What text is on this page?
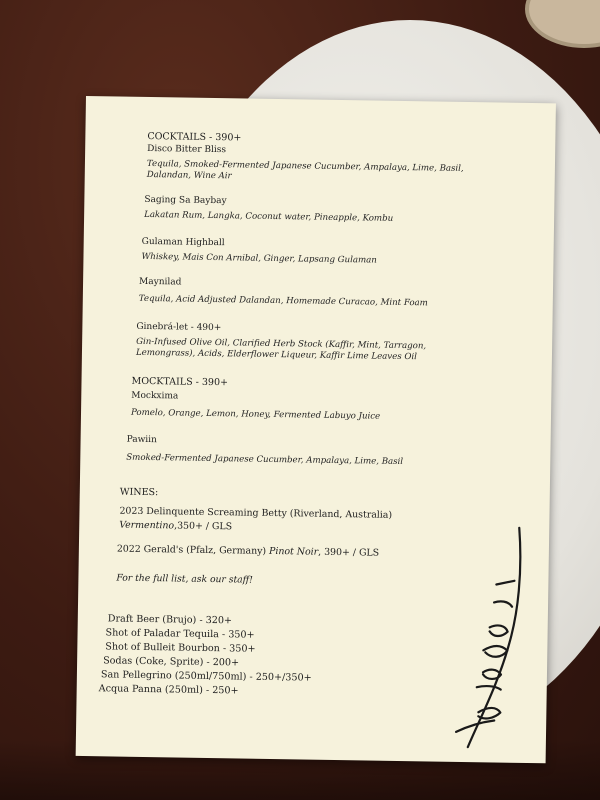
COCKTAILS - 390+
Disco Bitter Bliss
Tequila, Smoked-Fermented Japanese Cucumber, Ampalaya, Lime, Basil, Dalandan, Wine Air
Saging Sa Baybay
Lakatan Rum, Langka, Coconut water, Pineapple, Kombu
Gulaman Highball
Whiskey, Mais Con Arnibal, Ginger, Lapsang Gulaman
Maynilad
Tequila, Acid Adjusted Dalandan, Homemade Curacao, Mint Foam
Ginebrá-let - 490+
Gin-Infused Olive Oil, Clarified Herb Stock (Kaffir, Mint, Tarragon, Lemongrass), Acids, Elderflower Liqueur, Kaffir Lime Leaves Oil
MOCKTAILS - 390+
Mockxima
Pomelo, Orange, Lemon, Honey, Fermented Labuyo Juice
Pawiin
Smoked-Fermented Japanese Cucumber, Ampalaya, Lime, Basil
WINES:
2023 Delinquente Screaming Betty (Riverland, Australia)
Vermentino,350+ / GLS
2022 Gerald's (Pfalz, Germany) Pinot Noir, 390+ / GLS
For the full list, ask our staff!
Draft Beer (Brujo) - 320+
Shot of Paladar Tequila - 350+
Shot of Bulleit Bourbon - 350+
Sodas (Coke, Sprite) - 200+
San Pellegrino (250ml/750ml) - 250+/350+
Acqua Panna (250ml) - 250+
